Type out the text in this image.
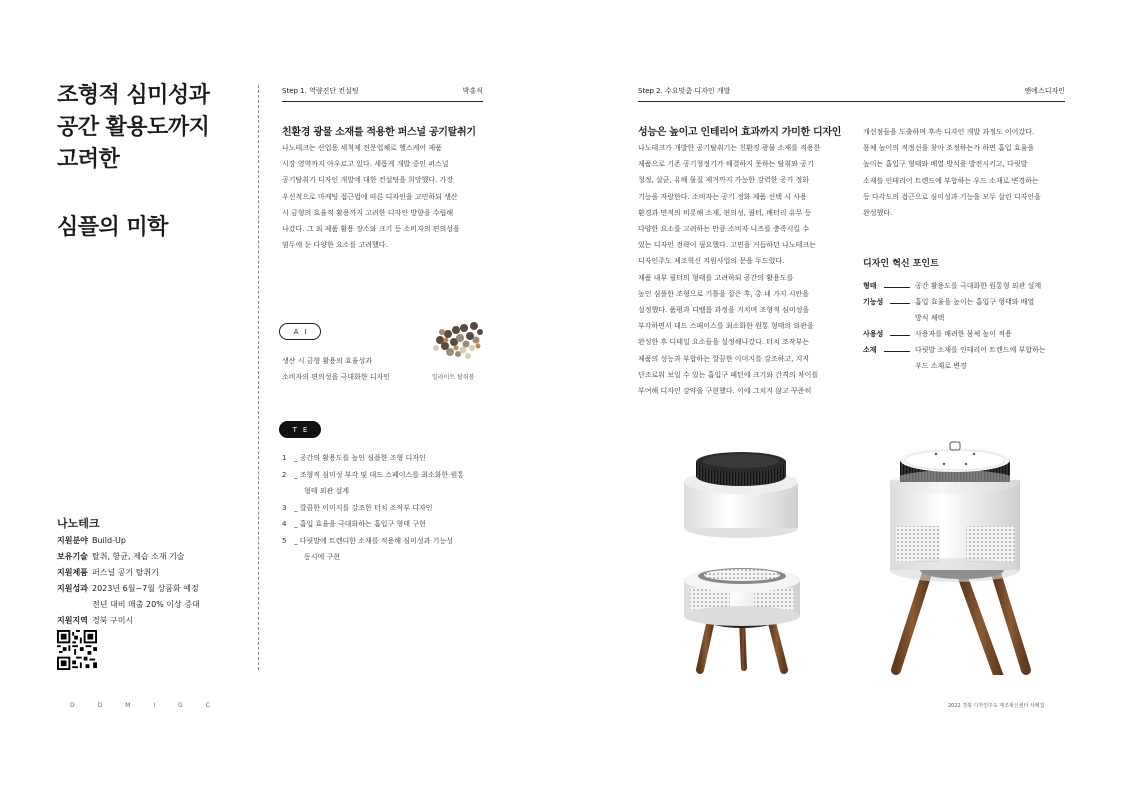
조형적 심미성과
공간 활용도까지
고려한
심플의 미학
나노테크
지원분야 Build-Up
보유기술 탈취, 항균, 제습 소재 기술
지원제품 퍼스널 공기 탈취기
지원성과 2023년 6월~7월 상품화 예정
전년 대비 매출 20% 이상 증대
지원지역 경북 구미시
D	D	M	I	G	C
Step 1. 역량진단 컨설팅	박흥식
친환경 광물 소재를 적용한 퍼스널 공기탈취기
나노테크는 산업용 세척제 전문업체로 헬스케어 제품
시장 영역까지 아우르고 있다. 새롭게 개발 중인 퍼스널
공기탈취기 디자인 개발에 대한 컨설팅을 희망했다. 가장
우선적으로 마케팅 접근법에 따른 디자인을 고민하되 생산
시 금형의 효율적 활용까지 고려한 디자인 방향을 수립해
나갔다. 그 외 제품 활용 장소와 크기 등 소비자의 편의성을
염두에 둔 다양한 요소를 고려했다.
AI
생산 시 금형 활용의 효율성과
소비자의 편의성을 극대화한 디자인	일라이트 탈취볼
TE
1	_ 공간의 활용도를 높인 심플한 조형 디자인
2	_ 조형적 심미성 부각 및 데드 스페이스를 최소화한 원통
형태 외관 설계
3	_ 깔끔한 이미지를 강조한 터치 조작부 디자인
4	_ 흡입 효율을 극대화하는 흡입구 형태 구현
5	_ 다릿발에 트렌디한 소재를 적용해 심미성과 기능성
동시에 구현
Step 2. 수요맞춤 디자인 개발	앤에스디자인
성능은 높이고 인테리어 효과까지 가미한 디자인
나노테크가 개발한 공기탈취기는 친환경 광물 소재를 적용한
제품으로 기존 공기청정기가 해결하지 못하는 탈취와 공기
청정, 살균, 유해 물질 제거까지 가능한 강력한 공기 정화
기능을 자랑한다. 소비자는 공기 정화 제품 선택 시 사용
환경과 면적의 비롯해 소재, 편의성, 필터, 배터리 유무 등
다양한 요소를 고려하는 만큼 소비자 니즈를 충족시킬 수
있는 디자인 전략이 필요했다. 고민을 거듭하던 나노테크는
디자인주도 제조혁신 지원사업의 문을 두드렸다.
제품 내부 필터의 형태를 고려하되 공간의 활용도를
높인 심플한 조형으로 기틀을 잡은 후, 총 네 가지 시안을
설정했다. 품평과 디벨롭 과정을 거치며 조형적 심미성을
부각하면서 데드 스페이스를 최소화한 원통 형태의 외관을
완성한 후 디테일 요소들을 설정해나갔다. 터치 조작부는
제품의 성능과 부합하는 깔끔한 이미지를 강조하고, 지지
단조로워 보일 수 있는 흡입구 패턴에 크기와 간격의 차이를
부여해 디자인 강약을 구현했다. 이에 그치지 않고 꾸준히
개선점들을 도출하며 후속 디자인 개발 과정도 이어갔다.
몸체 높이의 적정선을 찾아 조정하는가 하면 흡입 효율을
높이는 흡입구 형태와 배열 방식을 발전시키고, 다릿발
소재를 인테리어 트렌드에 부합하는 우드 소재로 변경하는
등 다각도의 접근으로 심미성과 기능을 모두 살린 디자인을
완성했다.
디자인 혁신 포인트
형태	공간 활용도를 극대화한 원통형 외관 설계
기능성	흡입 효율을 높이는 흡입구 형태와 배열
방식 채택
사용성	사용자를 배려한 몸체 높이 적용
소재	다릿발 소재를 인테리어 트렌드에 부합하는
우드 소재로 변경
2022 경북 디자인주도 제조혁신센터 사례집
